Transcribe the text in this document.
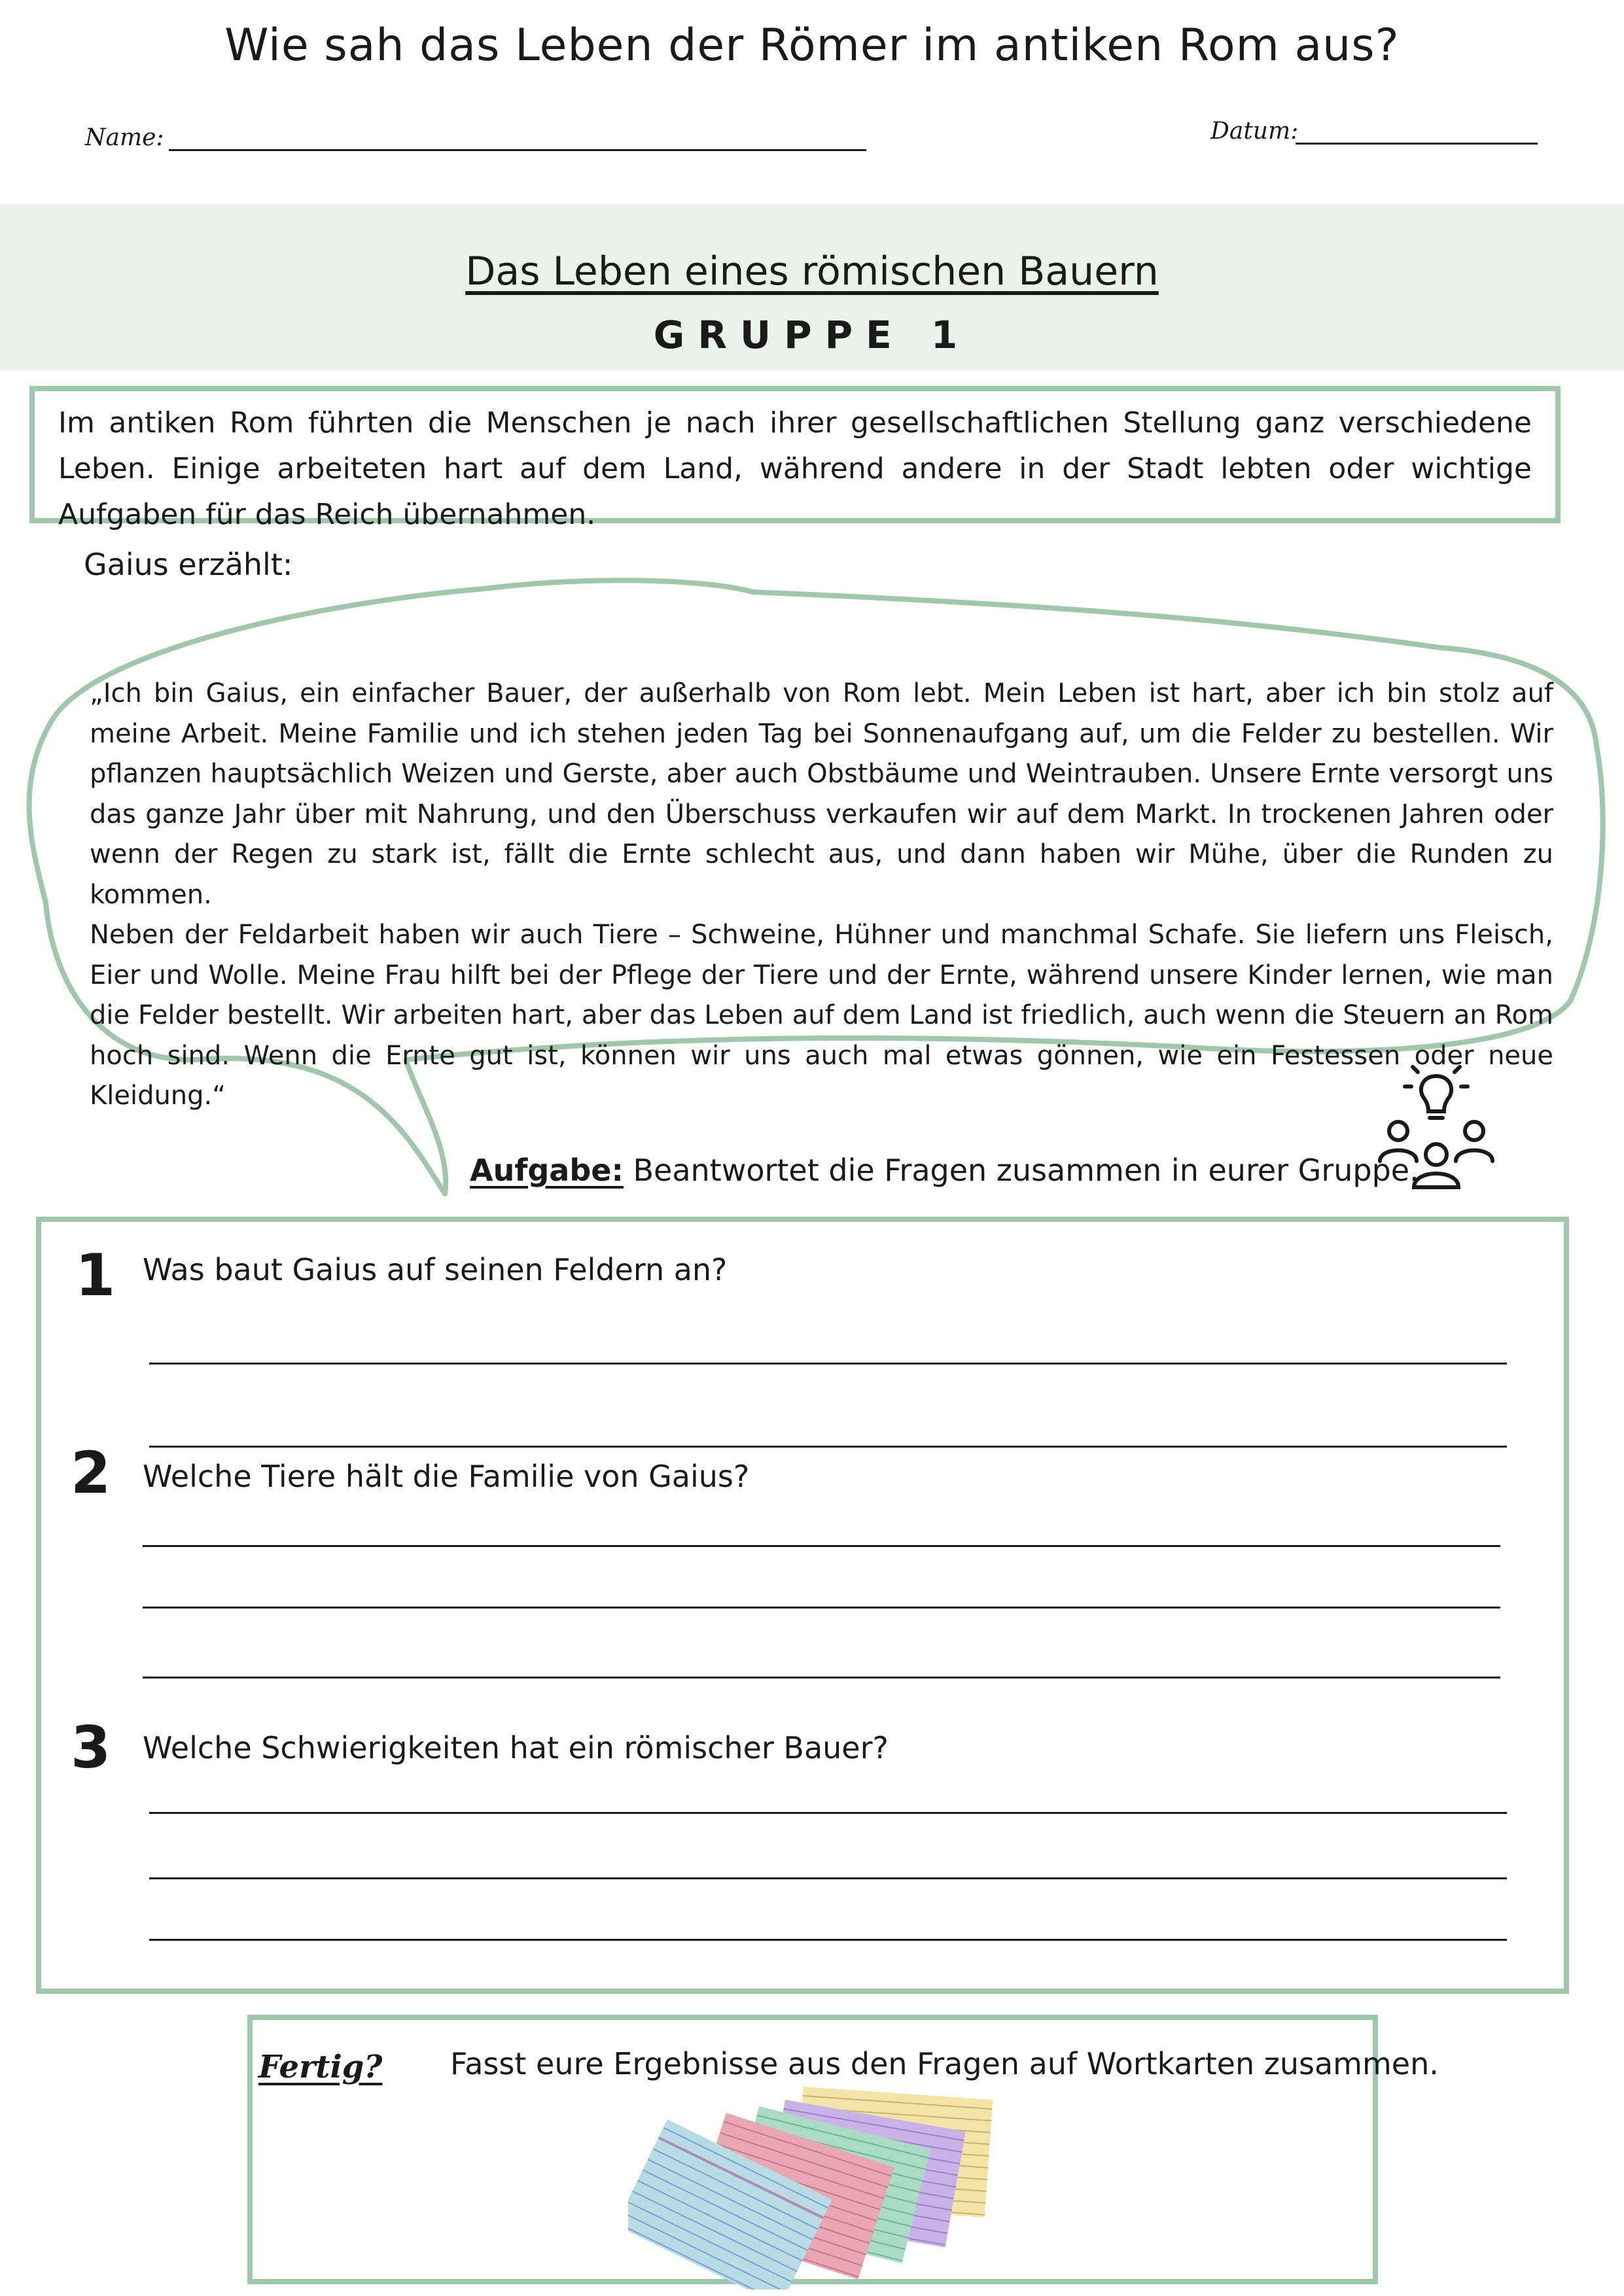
Wie sah das Leben der Römer im antiken Rom aus?
Name:	Datum:
Das Leben eines römischen Bauern
GRUPPE 1
Im antiken Rom führten die Menschen je nach ihrer gesellschaftlichen Stellung ganz verschiedene Leben. Einige arbeiteten hart auf dem Land, während andere in der Stadt lebten oder wichtige Aufgaben für das Reich übernahmen.
Gaius erzählt:

„Ich bin Gaius, ein einfacher Bauer, der außerhalb von Rom lebt. Mein Leben ist hart, aber ich bin stolz auf meine Arbeit. Meine Familie und ich stehen jeden Tag bei Sonnenaufgang auf, um die Felder zu bestellen. Wir pflanzen hauptsächlich Weizen und Gerste, aber auch Obstbäume und Weintrauben. Unsere Ernte versorgt uns das ganze Jahr über mit Nahrung, und den Überschuss verkaufen wir auf dem Markt. In trockenen Jahren oder wenn der Regen zu stark ist, fällt die Ernte schlecht aus, und dann haben wir Mühe, über die Runden zu kommen.

Neben der Feldarbeit haben wir auch Tiere – Schweine, Hühner und manchmal Schafe. Sie liefern uns Fleisch, Eier und Wolle. Meine Frau hilft bei der Pflege der Tiere und der Ernte, während unsere Kinder lernen, wie man die Felder bestellt. Wir arbeiten hart, aber das Leben auf dem Land ist friedlich, auch wenn die Steuern an Rom hoch sind. Wenn die Ernte gut ist, können wir uns auch mal etwas gönnen, wie ein Festessen oder neue Kleidung.“

Aufgabe: Beantwortet die Fragen zusammen in eurer Gruppe.
1 Was baut Gaius auf seinen Feldern an?
2 Welche Tiere hält die Familie von Gaius?
3 Welche Schwierigkeiten hat ein römischer Bauer?
Fertig? Fasst eure Ergebnisse aus den Fragen auf Wortkarten zusammen.
